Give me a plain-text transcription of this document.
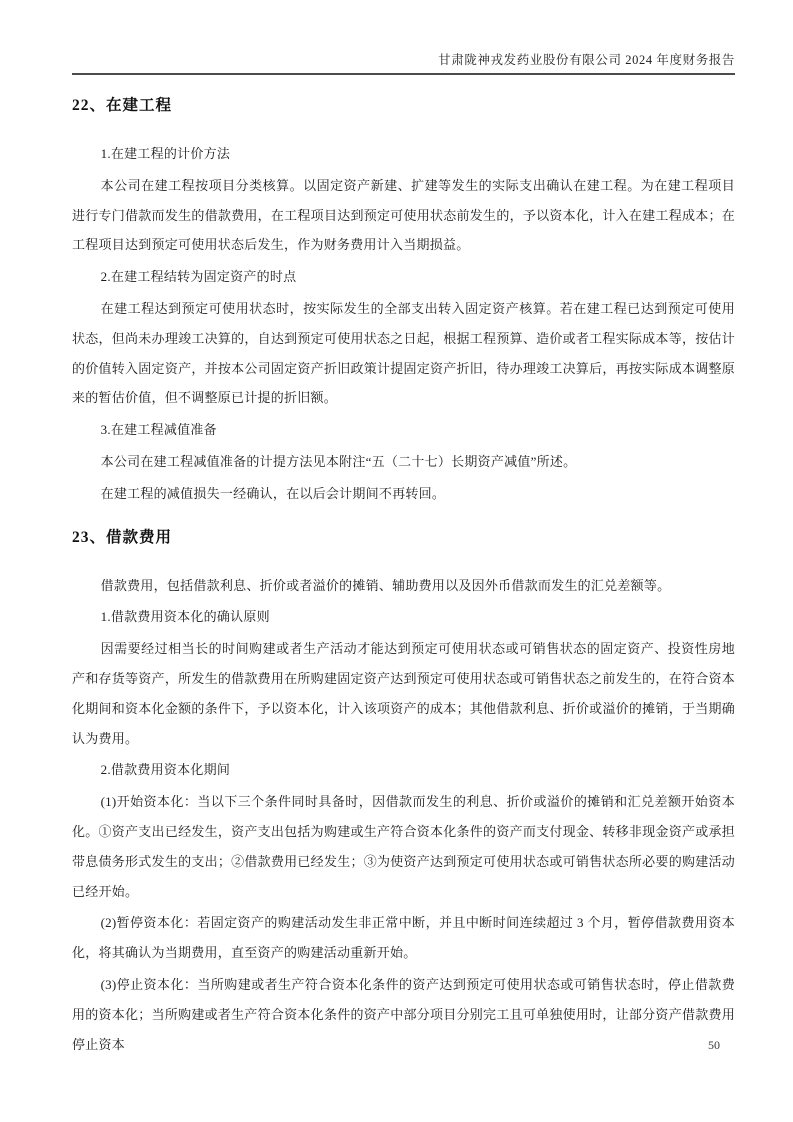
甘肃陇神戎发药业股份有限公司 2024 年度财务报告
22、在建工程

1.在建工程的计价方法

本公司在建工程按项目分类核算。以固定资产新建、扩建等发生的实际支出确认在建工程。为在建工程项目进行专门借款而发生的借款费用，在工程项目达到预定可使用状态前发生的，予以资本化，计入在建工程成本；在工程项目达到预定可使用状态后发生，作为财务费用计入当期损益。

2.在建工程结转为固定资产的时点

在建工程达到预定可使用状态时，按实际发生的全部支出转入固定资产核算。若在建工程已达到预定可使用状态，但尚未办理竣工决算的，自达到预定可使用状态之日起，根据工程预算、造价或者工程实际成本等，按估计的价值转入固定资产，并按本公司固定资产折旧政策计提固定资产折旧，待办理竣工决算后，再按实际成本调整原来的暂估价值，但不调整原已计提的折旧额。

3.在建工程减值准备

本公司在建工程减值准备的计提方法见本附注“五（二十七）长期资产减值”所述。

在建工程的减值损失一经确认，在以后会计期间不再转回。

23、借款费用

借款费用，包括借款利息、折价或者溢价的摊销、辅助费用以及因外币借款而发生的汇兑差额等。

1.借款费用资本化的确认原则

因需要经过相当长的时间购建或者生产活动才能达到预定可使用状态或可销售状态的固定资产、投资性房地产和存货等资产，所发生的借款费用在所购建固定资产达到预定可使用状态或可销售状态之前发生的，在符合资本化期间和资本化金额的条件下，予以资本化，计入该项资产的成本；其他借款利息、折价或溢价的摊销，于当期确认为费用。

2.借款费用资本化期间

(1)开始资本化：当以下三个条件同时具备时，因借款而发生的利息、折价或溢价的摊销和汇兑差额开始资本化。①资产支出已经发生，资产支出包括为购建或生产符合资本化条件的资产而支付现金、转移非现金资产或承担带息债务形式发生的支出；②借款费用已经发生；③为使资产达到预定可使用状态或可销售状态所必要的购建活动已经开始。

(2)暂停资本化：若固定资产的购建活动发生非正常中断，并且中断时间连续超过 3 个月，暂停借款费用资本化，将其确认为当期费用，直至资产的购建活动重新开始。

(3)停止资本化：当所购建或者生产符合资本化条件的资产达到预定可使用状态或可销售状态时，停止借款费用的资本化；当所购建或者生产符合资本化条件的资产中部分项目分别完工且可单独使用时，让部分资产借款费用停止资本	50
